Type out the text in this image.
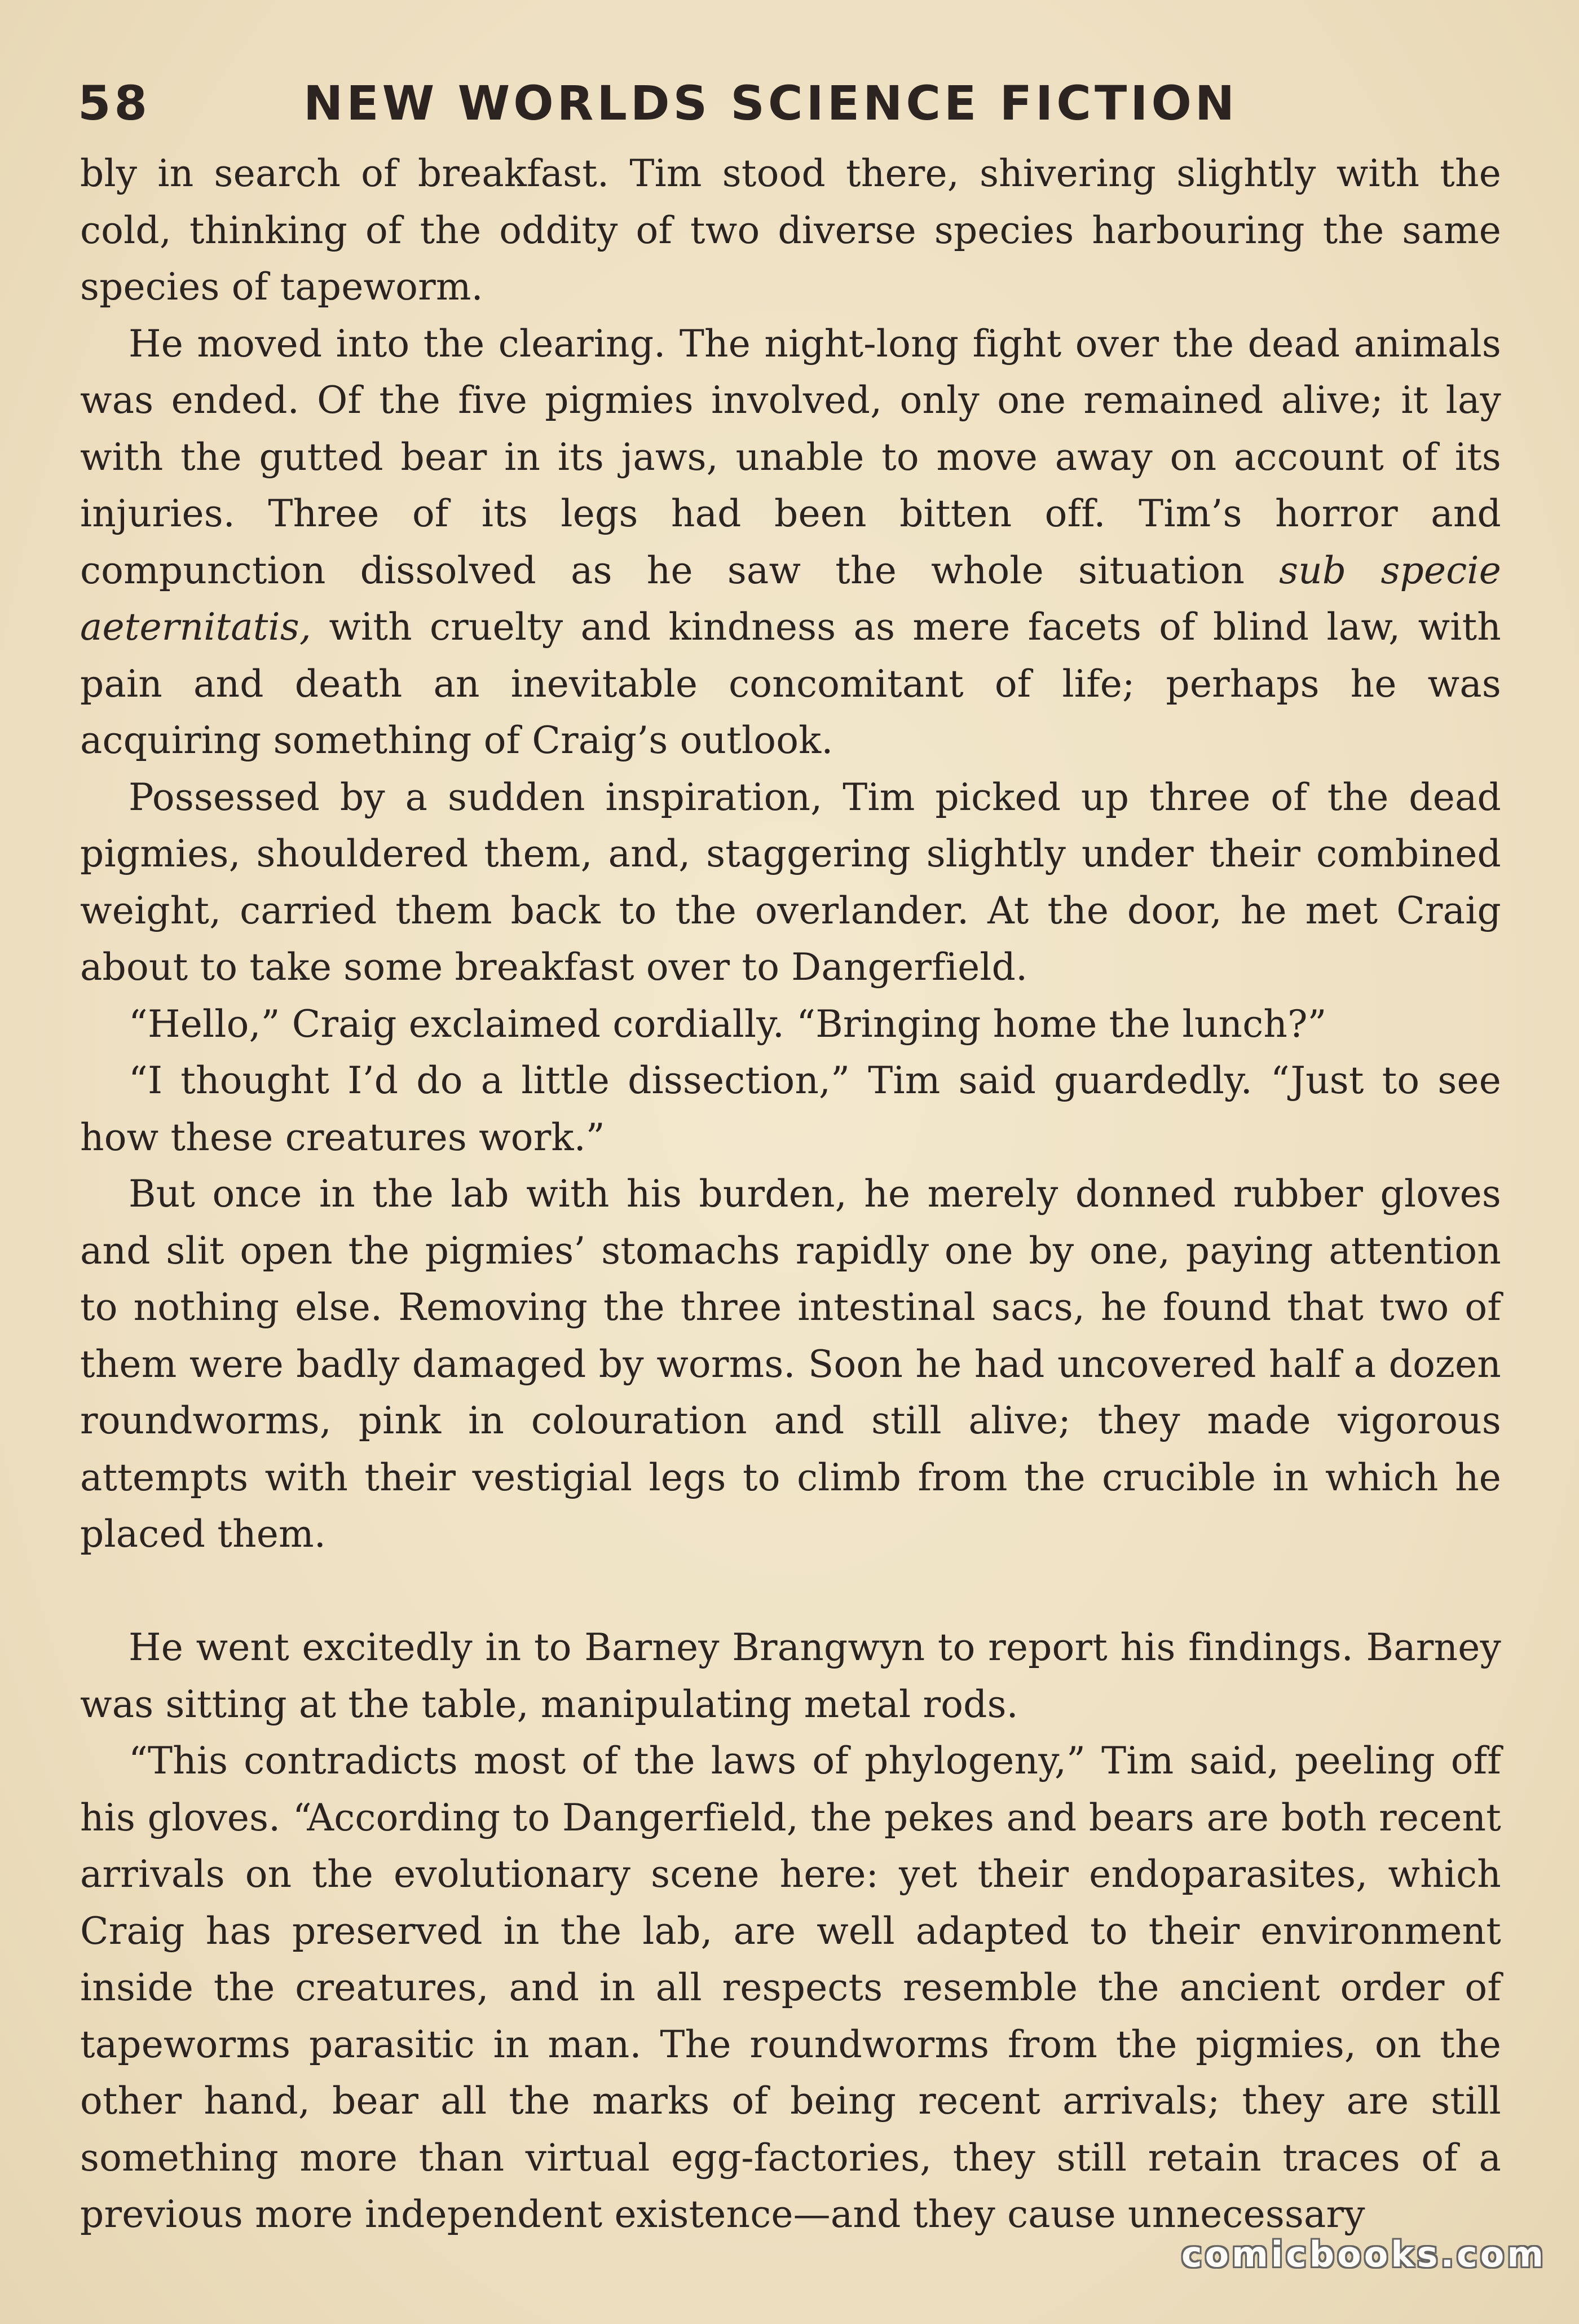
58	NEW WORLDS SCIENCE FICTION

bly in search of breakfast. Tim stood there, shivering slightly with the cold, thinking of the oddity of two diverse species harbouring the same species of tapeworm.

He moved into the clearing. The night-long fight over the dead animals was ended. Of the five pigmies involved, only one remained alive; it lay with the gutted bear in its jaws, unable to move away on account of its injuries. Three of its legs had been bitten off. Tim’s horror and compunction dissolved as he saw the whole situation sub specie aeternitatis, with cruelty and kindness as mere facets of blind law, with pain and death an inevitable concomitant of life; perhaps he was acquiring something of Craig’s outlook.

Possessed by a sudden inspiration, Tim picked up three of the dead pigmies, shouldered them, and, staggering slightly under their combined weight, carried them back to the overlander. At the door, he met Craig about to take some breakfast over to Dangerfield.

“Hello,” Craig exclaimed cordially. “Bringing home the lunch?”

“I thought I’d do a little dissection,” Tim said guardedly. “Just to see how these creatures work.”

But once in the lab with his burden, he merely donned rubber gloves and slit open the pigmies’ stomachs rapidly one by one, paying attention to nothing else. Removing the three intestinal sacs, he found that two of them were badly damaged by worms. Soon he had uncovered half a dozen roundworms, pink in colouration and still alive; they made vigorous attempts with their vestigial legs to climb from the crucible in which he placed them.

He went excitedly in to Barney Brangwyn to report his findings. Barney was sitting at the table, manipulating metal rods.

“This contradicts most of the laws of phylogeny,” Tim said, peeling off his gloves. “According to Dangerfield, the pekes and bears are both recent arrivals on the evolutionary scene here: yet their endoparasites, which Craig has preserved in the lab, are well adapted to their environment inside the creatures, and in all respects resemble the ancient order of tapeworms parasitic in man. The roundworms from the pigmies, on the other hand, bear all the marks of being recent arrivals; they are still something more than virtual egg-factories, they still retain traces of a previous more independent existence—and they cause unnecessary

comicbooks.com
